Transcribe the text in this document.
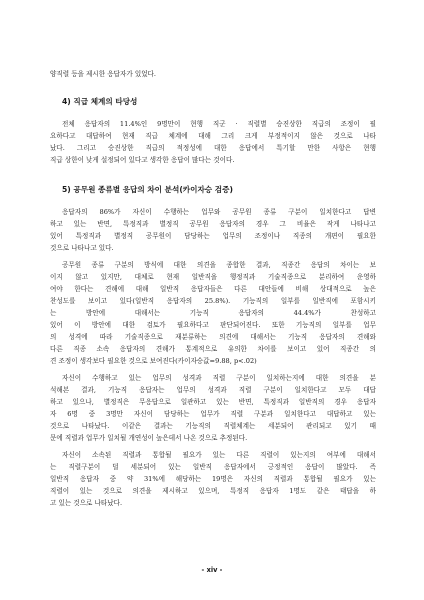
양직렬 등을 제시한 응답자가 있었다.
4) 직급 체계의 타당성
전체 응답자의 11.4%인 9명만이 현행 직군 · 직렬별 승진상한 직급의 조정이 필
요하다고 대답하여 현재 직급 체계에 대해 그리 크게 부정적이지 않은 것으로 나타
났다. 그리고 승진상한 직급의 적정성에 대한 응답에서 특기할 만한 사항은 현행
직급 상한이 낮게 설정되어 있다고 생각한 응답이 많다는 것이다.
5) 공무원 종류별 응답의 차이 분석(카이자승 검증)
응답자의 86%가 자신이 수행하는 업무와 공무원 종류 구분이 일치한다고 답변
하고 있는 반면, 특정직과 별정직 공무원 응답자의 경우 그 비율은 작게 나타나고
있어 특정직과 별정직 공무원이 담당하는 업무의 조정이나 직종의 개편이 필요한
것으로 나타나고 있다.
공무원 종류 구분의 방식에 대한 의견을 종합한 결과, 직종간 응답의 차이는 보
이지 않고 있지만, 대체로 현재 일반직을 행정직과 기술직종으로 분리하여 운영하
여야 한다는 견해에 대해 일반직 응답자들은 다른 대안들에 비해 상대적으로 높은
찬성도를 보이고 있다(일반직 응답자의 25.8%). 기능직의 일부를 일반직에 포함시키
는 방안에 대해서는 기능직 응답자의 44.4%가 찬성하고
있어 이 방안에 대한 검토가 필요하다고 판단되어진다. 또한 기능직의 일부를 업무
의 성격에 따라 기술직종으로 재분류하는 의견에 대해서는 기능직 응답자의 견해와
다른 직종 소속 응답자의 견해가 통계적으로 유의한 차이를 보이고 있어 직종간 의
견 조정이 생각보다 필요한 것으로 보여진다(카이자승값=9.88, p<.02)
자신이 수행하고 있는 업무의 성격과 직렬 구분이 일치하는지에 대한 의견을 분
석해본 결과, 기능직 응답자는 업무의 성격과 직렬 구분이 일치한다고 모두 대답
하고 있으나, 별정직은 무응답으로 일관하고 있는 반면, 특정직과 일반직의 경우 응답자
자 6명 중 3명만 자신이 담당하는 업무가 직렬 구분과 일치한다고 대답하고 있는
것으로 나타났다. 이같은 결과는 기능직의 직렬체계는 세분되어 관리되고 있기 때
문에 직렬과 업무가 일치될 개연성이 높은데서 나온 것으로 추정된다.
자신이 소속된 직렬과 통합될 필요가 있는 다른 직렬이 있는지의 여부에 대해서
는 직렬구분이 덜 세분되어 있는 일반직 응답자에서 긍정적인 응답이 많았다. 즉
일반직 응답자 중 약 31%에 해당하는 19명은 자신의 직렬과 통합될 필요가 있는
직렬이 있는 것으로 의견을 제시하고 있으며, 특정직 응답자 1명도 같은 태답을 하
고 있는 것으로 나타났다.
- xiv -
